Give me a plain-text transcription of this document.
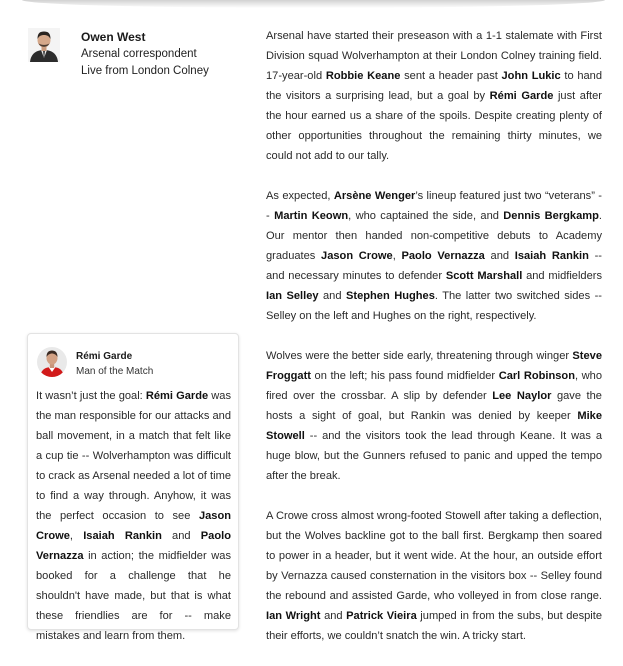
Owen West
Arsenal correspondent
Live from London Colney

Arsenal have started their preseason with a 1-1 stalemate with First Division squad Wolverhampton at their London Colney training field. 17-year-old Robbie Keane sent a header past John Lukic to hand the visitors a surprising lead, but a goal by Rémi Garde just after the hour earned us a share of the spoils. Despite creating plenty of other opportunities throughout the remaining thirty minutes, we could not add to our tally.

As expected, Arsène Wenger’s lineup featured just two “veterans” -- Martin Keown, who captained the side, and Dennis Bergkamp. Our mentor then handed non-competitive debuts to Academy graduates Jason Crowe, Paolo Vernazza and Isaiah Rankin -- and necessary minutes to defender Scott Marshall and midfielders Ian Selley and Stephen Hughes. The latter two switched sides -- Selley on the left and Hughes on the right, respectively.

Wolves were the better side early, threatening through winger Steve Froggatt on the left; his pass found midfielder Carl Robinson, who fired over the crossbar. A slip by defender Lee Naylor gave the hosts a sight of goal, but Rankin was denied by keeper Mike Stowell -- and the visitors took the lead through Keane. It was a huge blow, but the Gunners refused to panic and upped the tempo after the break.

A Crowe cross almost wrong-footed Stowell after taking a deflection, but the Wolves backline got to the ball first. Bergkamp then soared to power in a header, but it went wide. At the hour, an outside effort by Vernazza caused consternation in the visitors box -- Selley found the rebound and assisted Garde, who volleyed in from close range. Ian Wright and Patrick Vieira jumped in from the subs, but despite their efforts, we couldn’t snatch the win. A tricky start.

Rémi Garde
Man of the Match

It wasn’t just the goal: Rémi Garde was the man responsible for our attacks and ball movement, in a match that felt like a cup tie -- Wolverhampton was difficult to crack as Arsenal needed a lot of time to find a way through. Anyhow, it was the perfect occasion to see Jason Crowe, Isaiah Rankin and Paolo Vernazza in action; the midfielder was booked for a challenge that he shouldn't have made, but that is what these friendlies are for -- make mistakes and learn from them.
